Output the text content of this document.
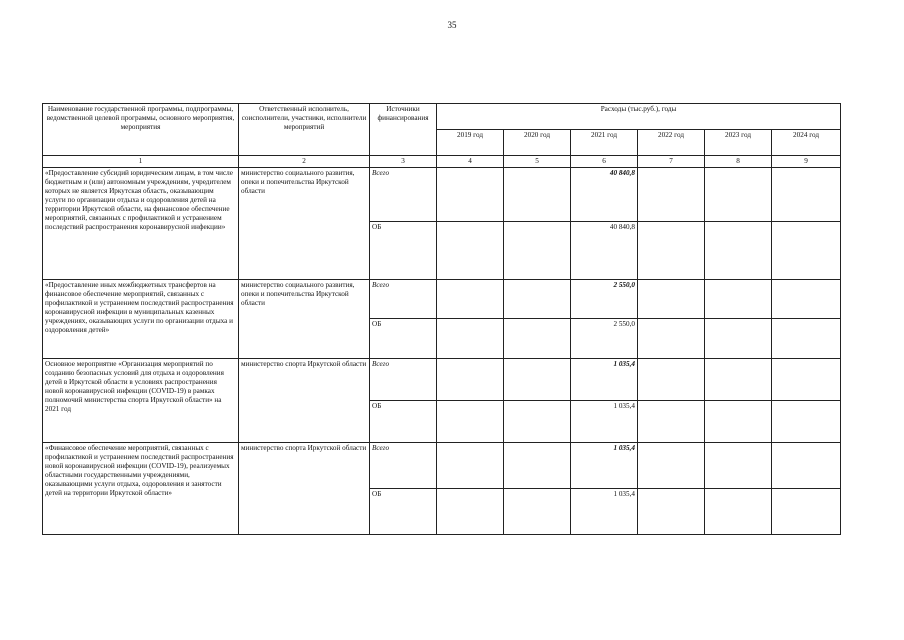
35
Наименование государственной программы, подпрограммы, ведомственной целевой программы, основного мероприятия, мероприятия	Ответственный исполнитель, соисполнители, участники, исполнители мероприятий	Источники финансирования	Расходы (тыс.руб.), годы					
			2019 год	2020 год	2021 год	2022 год	2023 год	2024 год
1	2	3	4	5	6	7	8	9
«Предоставление субсидий юридическим лицам, в том числе бюджетным и (или) автономным учреждениям, учредителем которых не является Иркутская область, оказывающим услуги по организации отдыха и оздоровления детей на территории Иркутской области, на финансовое обеспечение мероприятий, связанных с профилактикой и устранением последствий распространения коронавирусной инфекции»	министерство социального развития, опеки и попечительства Иркутской области	Всего			40 840,8			
		ОБ			40 840,8			
«Предоставление иных межбюджетных трансфертов на финансовое обеспечение мероприятий, связанных с профилактикой и устранением последствий распространения коронавирусной инфекции в муниципальных казенных учреждениях, оказывающих услуги по организации отдыха и оздоровления детей»	министерство социального развития, опеки и попечительства Иркутской области	Всего			2 550,0			
		ОБ			2 550,0			
Основное мероприятие «Организация мероприятий по созданию безопасных условий для отдыха и оздоровления детей в Иркутской области в условиях распространения новой коронавирусной инфекции (COVID-19) в рамках полномочий министерства спорта Иркутской области» на 2021 год	министерство спорта Иркутской области	Всего			1 035,4			
		ОБ			1 035,4			
«Финансовое обеспечение мероприятий, связанных с профилактикой и устранением последствий распространения новой коронавирусной инфекции (COVID-19), реализуемых областными государственными учреждениями, оказывающими услуги отдыха, оздоровления и занятости детей на территории Иркутской области»	министерство спорта Иркутской области	Всего			1 035,4			
		ОБ			1 035,4			
